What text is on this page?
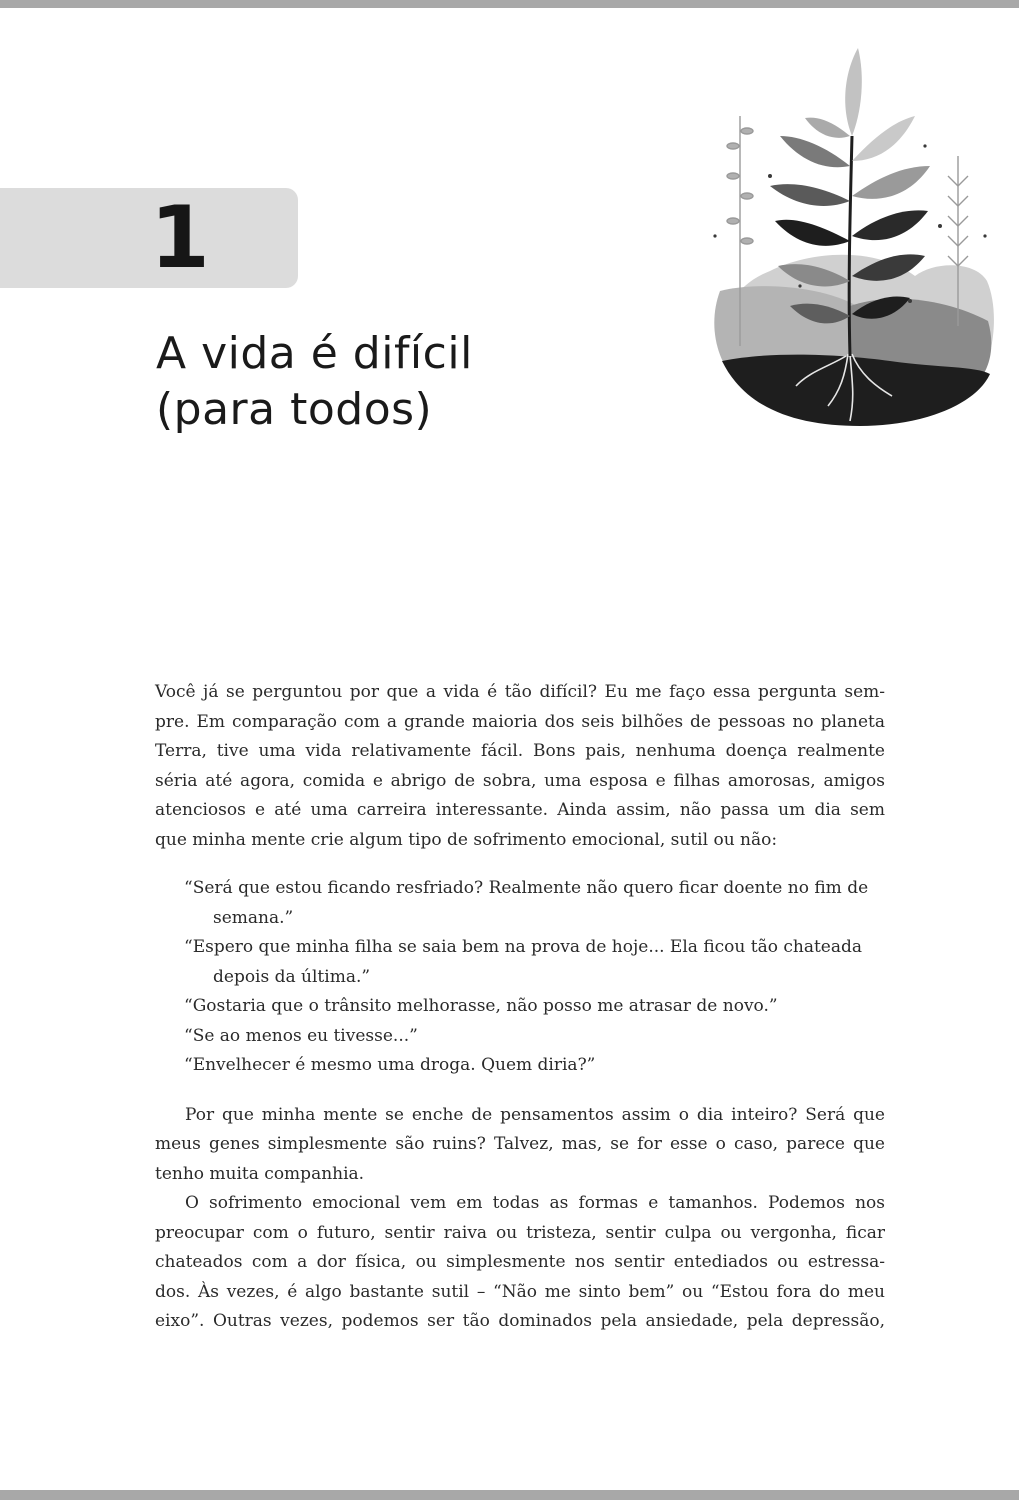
1
A vida é difícil
(para todos)

Você já se perguntou por que a vida é tão difícil? Eu me faço essa pergunta sem-
pre. Em comparação com a grande maioria dos seis bilhões de pessoas no planeta
Terra, tive uma vida relativamente fácil. Bons pais, nenhuma doença realmente
séria até agora, comida e abrigo de sobra, uma esposa e filhas amorosas, amigos
atenciosos e até uma carreira interessante. Ainda assim, não passa um dia sem
que minha mente crie algum tipo de sofrimento emocional, sutil ou não:

“Será que estou ficando resfriado? Realmente não quero ficar doente no fim de semana.”
“Espero que minha filha se saia bem na prova de hoje... Ela ficou tão chateada depois da última.”
“Gostaria que o trânsito melhorasse, não posso me atrasar de novo.”
“Se ao menos eu tivesse...”
“Envelhecer é mesmo uma droga. Quem diria?”

Por que minha mente se enche de pensamentos assim o dia inteiro? Será que meus genes simplesmente são ruins? Talvez, mas, se for esse o caso, parece que tenho muita companhia.

O sofrimento emocional vem em todas as formas e tamanhos. Podemos nos
preocupar com o futuro, sentir raiva ou tristeza, sentir culpa ou vergonha, ficar
chateados com a dor física, ou simplesmente nos sentir entediados ou estressa-
dos. Às vezes, é algo bastante sutil – “Não me sinto bem” ou “Estou fora do meu
eixo”. Outras vezes, podemos ser tão dominados pela ansiedade, pela depressão,
